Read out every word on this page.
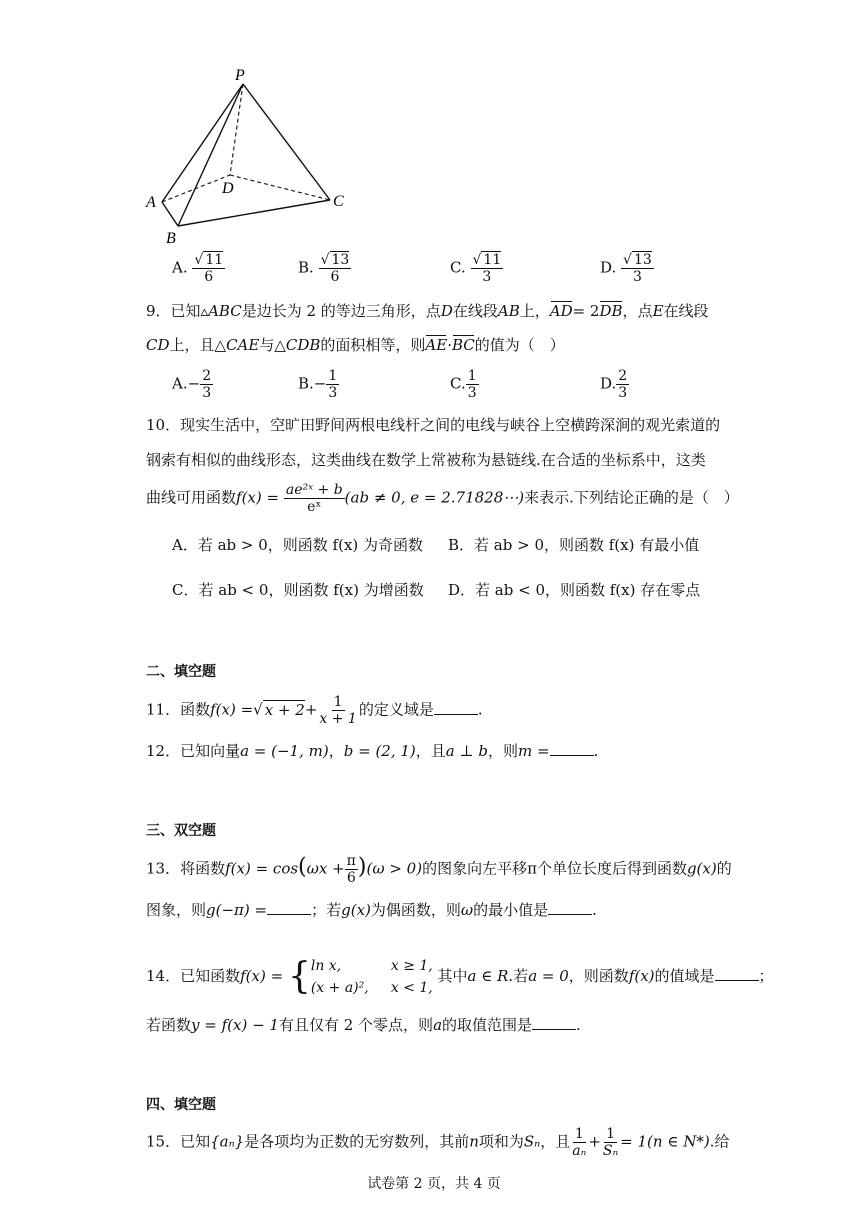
P
A
B
C
D
A. $\frac{√ 11}{6}$	B. $\frac{√ 13}{6}$	C. $\frac{√ 11}{3}$	D. $\frac{√ 13}{3}$
9．已知▵ABC是边长为 2 的等边三角形，点D在线段AB上，AD= 2DB，点E在线段
CD上，且△CAE与△CDB的面积相等，则AE·BC的值为（　）
$A.- \frac{2}{3}$	$B.- \frac{1}{3}$	C. $\frac{1}{3}$	D. $\frac{2}{3}$
10．现实生活中，空旷田野间两根电线杆之间的电线与峡谷上空横跨深涧的观光索道的
钢索有相似的曲线形态，这类曲线在数学上常被称为悬链线.在合适的坐标系中，这类
曲线可用函数$f(x) = \frac{\text{ae²ˣ + b}}{\text{eˣ}} (ab \ne 0$, e = 2.71828⋯)来表示.下列结论正确的是（　）
A．若 ab > 0，则函数 f(x) 为奇函数 B．若 ab > 0，则函数 f(x) 有最小值
C．若 ab < 0，则函数 f(x) 为增函数 D．若 ab < 0，则函数 f(x) 存在零点
二、填空题
11．函数f(x) =√ $x + 2+ \frac{1}{x + 1}$ 的定义域是	.
12．已知向量a = (−1, m)，b = (2, 1)，且a ⊥ b，则m =	.
三、双空题
13．将函数$f(x) = \cos(\omega x + \frac{\pi}{6} )(\omega > 0)$的图象向左平移π个单位长度后得到函数g(x)的
图象，则g(−π) =	；若g(x)为偶函数，则ω的最小值是	.
14．已知函数f(x) = { ln x,	x ≥ 1,
(x + a)², x < 1,
其中a ∈ R.若a = 0，则函数f(x)的值域是	；
若函数y = f(x) − 1有且仅有 2 个零点，则a的取值范围是	.
四、填空题
15．已知{aₙ}是各项均为正数的无穷数列，其前n项和为Sₙ，且 $\frac{1}{\text{aₙ}} + \frac{1}{\text{Sₙ}} = 1(n$ ∈ N*).给
试卷第 2 页，共 4 页
